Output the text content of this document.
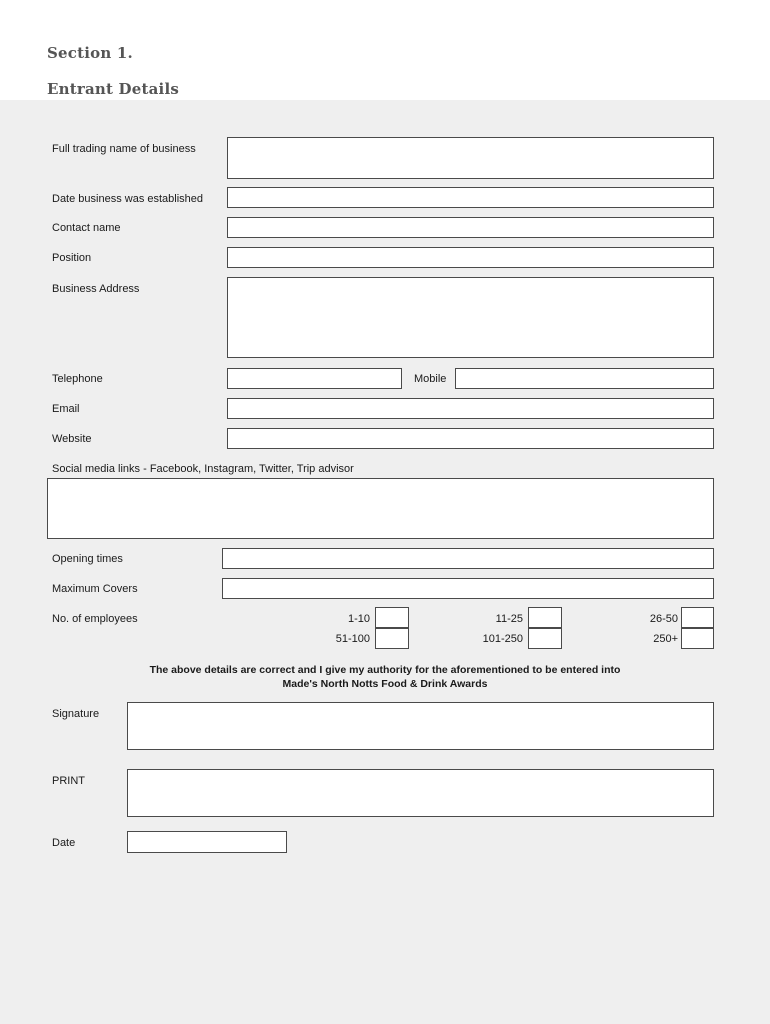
Section 1.
Entrant Details
Full trading name of business
Date business was established
Contact name
Position
Business Address
Telephone	Mobile
Email
Website
Social media links - Facebook, Instagram, Twitter, Trip advisor
Opening times
Maximum Covers
No. of employees	1-10	11-25	26-50
51-100	101-250	250+
The above details are correct and I give my authority for the aforementioned to be entered into
Made's North Notts Food & Drink Awards
Signature
PRINT
Date
